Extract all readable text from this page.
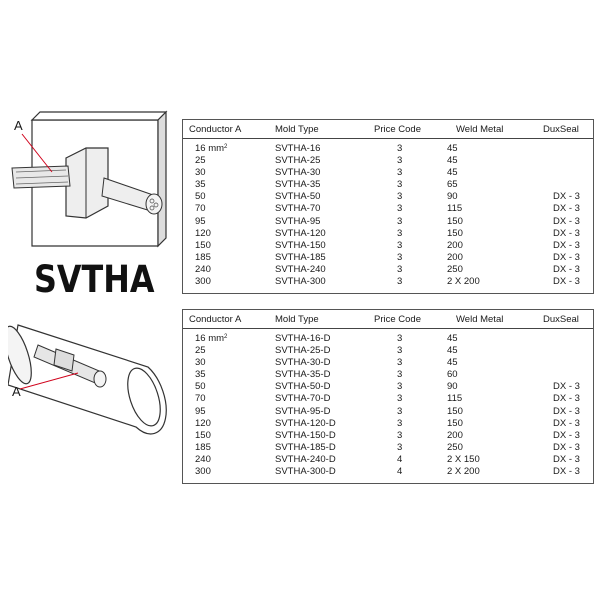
A
SVTHA
A
Conductor A	Mold Type	Price Code	Weld Metal	DuxSeal
16 $mm^2$	SVTHA-16	3	45
25	SVTHA-25	3	45
30	SVTHA-30	3	45
35	SVTHA-35	3	65
50	SVTHA-50	3	90	DX - 3
70	SVTHA-70	3	115	DX - 3
95	SVTHA-95	3	150	DX - 3
120	SVTHA-120	3	150	DX - 3
150	SVTHA-150	3	200	DX - 3
185	SVTHA-185	3	200	DX - 3
240	SVTHA-240	3	250	DX - 3
300	SVTHA-300	3	2 X 200	DX - 3
Conductor A	Mold Type	Price Code	Weld Metal	DuxSeal
16 $mm^2$	SVTHA-16-D	3	45
25	SVTHA-25-D	3	45
30	SVTHA-30-D	3	45
35	SVTHA-35-D	3	60
50	SVTHA-50-D	3	90	DX - 3
70	SVTHA-70-D	3	115	DX - 3
95	SVTHA-95-D	3	150	DX - 3
120	SVTHA-120-D	3	150	DX - 3
150	SVTHA-150-D	3	200	DX - 3
185	SVTHA-185-D	3	250	DX - 3
240	SVTHA-240-D	4	2 X 150	DX - 3
300	SVTHA-300-D	4	2 X 200	DX - 3
